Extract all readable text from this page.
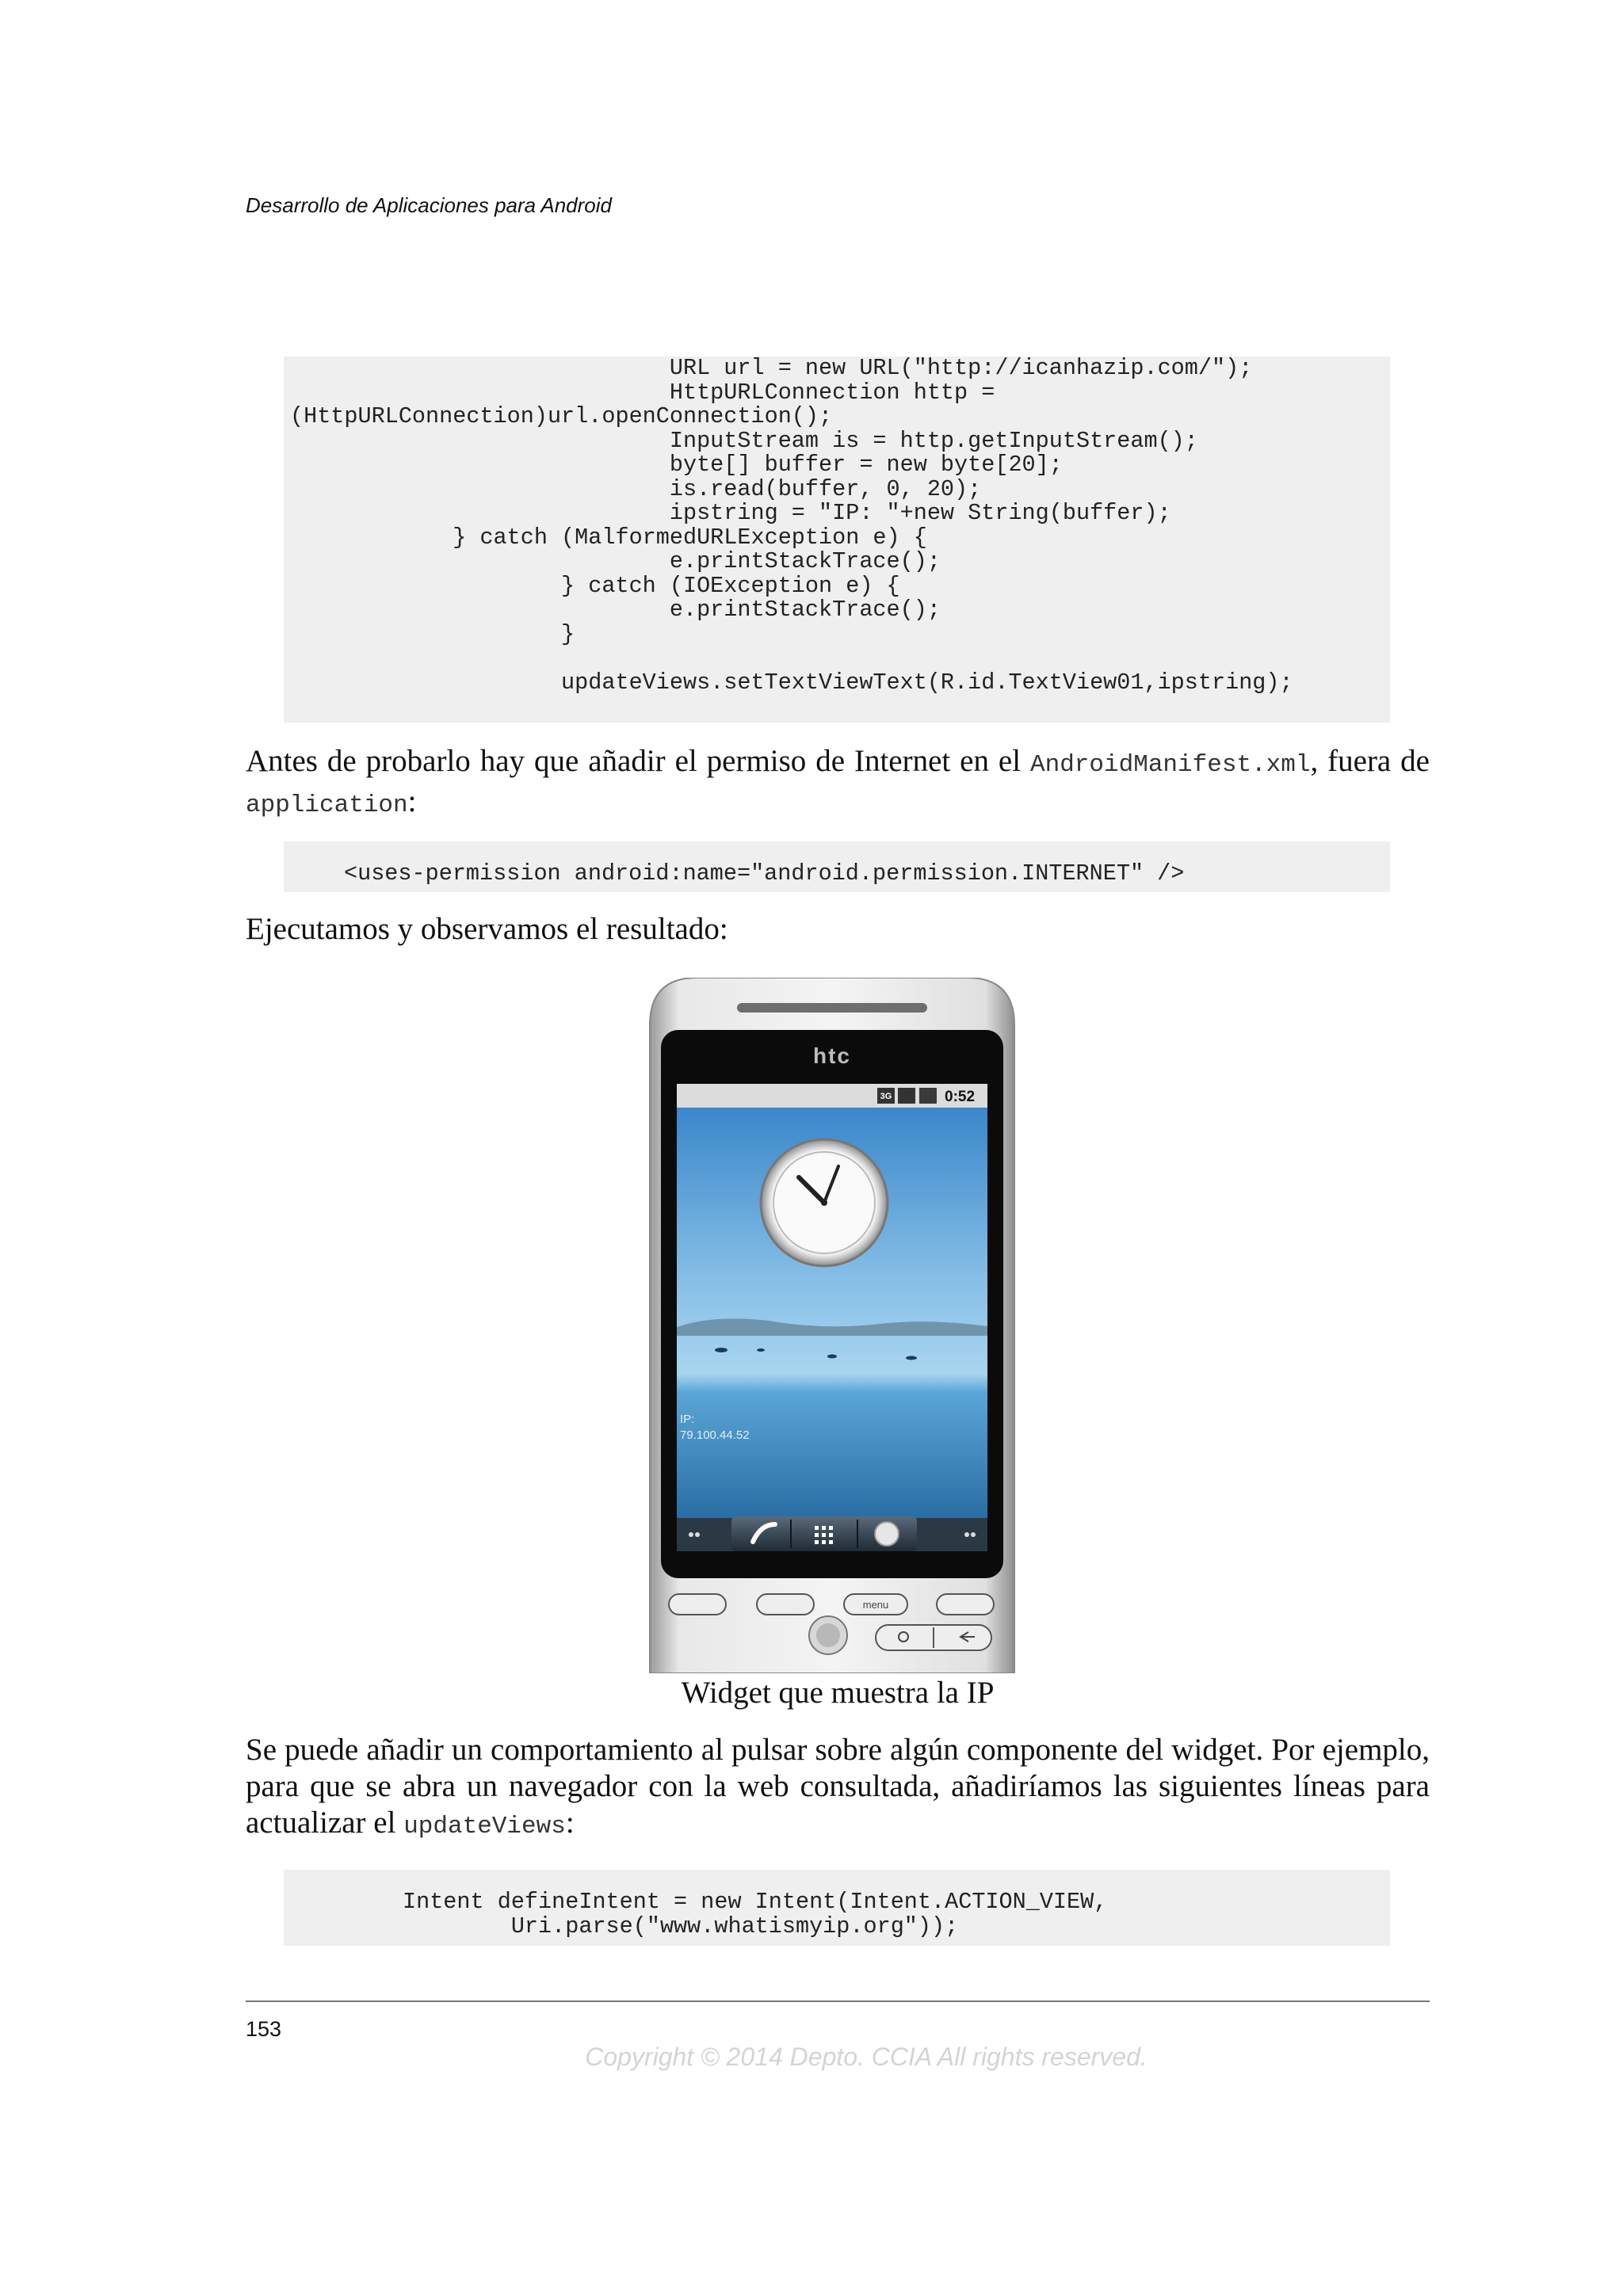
Desarrollo de Aplicaciones para Android
URL url = new URL("http://icanhazip.com/");
HttpURLConnection http =
(HttpURLConnection)url.openConnection();
InputStream is = http.getInputStream();
byte[] buffer = new byte[20];
is.read(buffer, 0, 20);
ipstring = "IP: "+new String(buffer);
} catch (MalformedURLException e) {
e.printStackTrace();
} catch (IOException e) {
e.printStackTrace();
}
updateViews.setTextViewText(R.id.TextView01,ipstring);

Antes de probarlo hay que añadir el permiso de Internet en el AndroidManifest.xml, fuera de application:

<uses-permission android:name="android.permission.INTERNET" />

Ejecutamos y observamos el resultado:

htc
3G	0:52
IP:
79.100.44.52
menu
Widget que muestra la IP

Se puede añadir un comportamiento al pulsar sobre algún componente del widget. Por ejemplo, para que se abra un navegador con la web consultada, añadiríamos las siguientes líneas para actualizar el updateViews:

Intent defineIntent = new Intent(Intent.ACTION_VIEW,
Uri.parse("www.whatismyip.org"));
153
Copyright © 2014 Depto. CCIA All rights reserved.
